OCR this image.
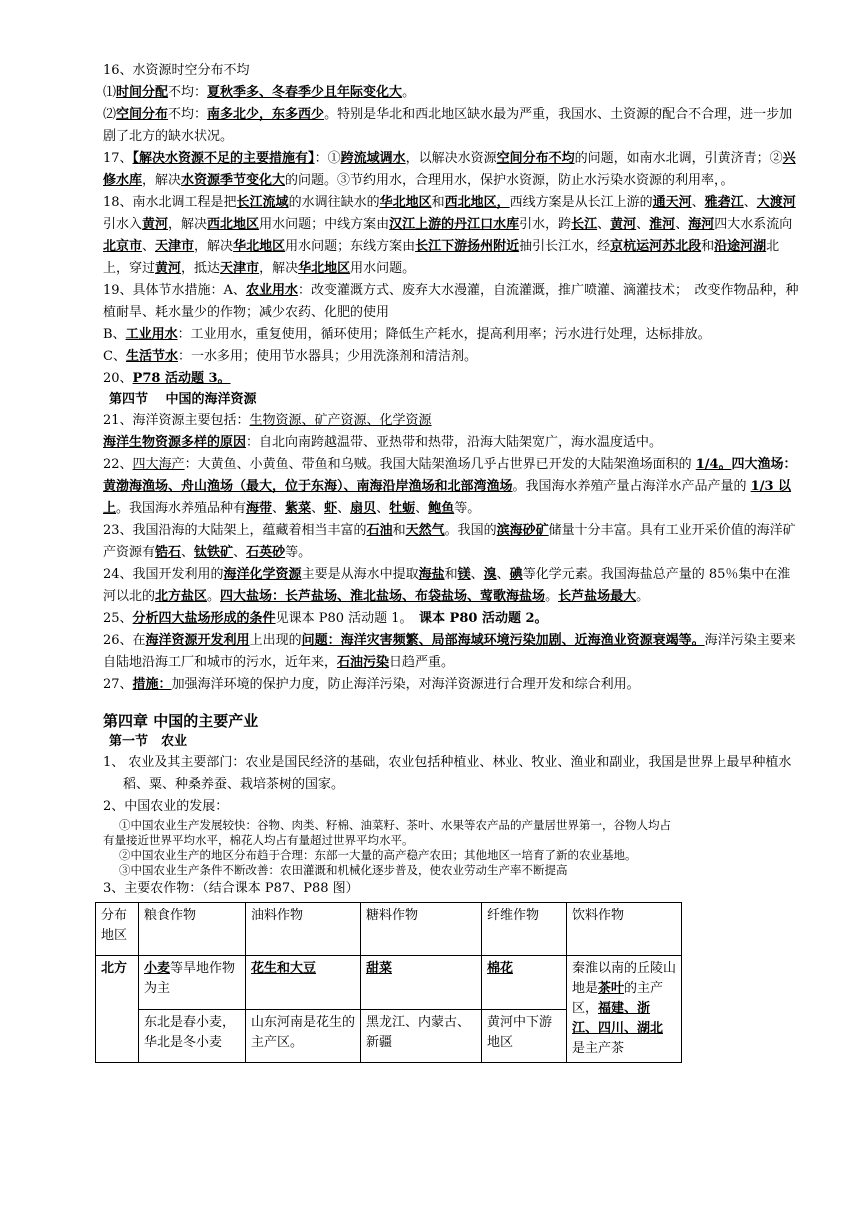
16、水资源时空分布不均

⑴时间分配不均：夏秋季多、冬春季少且年际变化大。

⑵空间分布不均：南多北少，东多西少。特别是华北和西北地区缺水最为严重，我国水、土资源的配合不合理，进一步加剧了北方的缺水状况。

17、【解决水资源不足的主要措施有】：①跨流域调水，以解决水资源空间分布不均的问题，如南水北调，引黄济青；②兴修水库，解决水资源季节变化大的问题。③节约用水，合理用水，保护水资源，防止水污染水资源的利用率，。

18、南水北调工程是把长江流域的水调往缺水的华北地区和西北地区，西线方案是从长江上游的通天河、雅砻江、大渡河引水入黄河，解决西北地区用水问题；中线方案由汉江上游的丹江口水库引水，跨长江、黄河、淮河、海河四大水系流向北京市、天津市，解决华北地区用水问题；东线方案由长江下游扬州附近抽引长江水，经京杭运河苏北段和沿途河湖北上，穿过黄河，抵达天津市，解决华北地区用水问题。

19、具体节水措施：A、农业用水：改变灌溉方式、废弃大水漫灌，自流灌溉，推广喷灌、滴灌技术；　改变作物品种，种植耐旱、耗水量少的作物；减少农药、化肥的使用

B、工业用水：工业用水，重复使用，循环使用；降低生产耗水，提高利用率；污水进行处理，达标排放。

C、生活节水：一水多用；使用节水器具；少用洗涤剂和清洁剂。

20、P78 活动题 3。

第四节　 中国的海洋资源

21、海洋资源主要包括：生物资源、矿产资源、化学资源

海洋生物资源多样的原因：自北向南跨越温带、亚热带和热带，沿海大陆架宽广，海水温度适中。

22、四大海产：大黄鱼、小黄鱼、带鱼和乌贼。我国大陆架渔场几乎占世界已开发的大陆架渔场面积的 1/4。四大渔场：黄渤海渔场、舟山渔场（最大，位于东海）、南海沿岸渔场和北部湾渔场。我国海水养殖产量占海洋水产品产量的 1/3 以上。我国海水养殖品种有海带、紫菜、虾、扇贝、牡蛎、鲍鱼等。

23、我国沿海的大陆架上，蕴藏着相当丰富的石油和天然气。我国的滨海砂矿储量十分丰富。具有工业开采价值的海洋矿产资源有锆石、钛铁矿、石英砂等。

24、我国开发利用的海洋化学资源主要是从海水中提取海盐和镁、溴、碘等化学元素。我国海盐总产量的 85％集中在淮河以北的北方盐区。四大盐场：长芦盐场、淮北盐场、布袋盐场、莺歌海盐场。长芦盐场最大。

25、分析四大盐场形成的条件见课本 P80 活动题 1。　课本 P80 活动题 2。

26、在海洋资源开发利用上出现的问题：海洋灾害频繁、局部海域环境污染加剧、近海渔业资源衰竭等。海洋污染主要来自陆地沿海工厂和城市的污水，近年来，石油污染日趋严重。

27、措施：加强海洋环境的保护力度，防止海洋污染，对海洋资源进行合理开发和综合利用。

第四章 中国的主要产业

第一节　农业

1、 农业及其主要部门：农业是国民经济的基础，农业包括种植业、林业、牧业、渔业和副业，我国是世界上最早种植水稻、粟、种桑养蚕、栽培茶树的国家。

2、中国农业的发展：

①中国农业生产发展较快：谷物、肉类、籽棉、油菜籽、茶叶、水果等农产品的产量居世界第一，谷物人均占

有量接近世界平均水平，棉花人均占有量超过世界平均水平。

②中国农业生产的地区分布趋于合理：东部一大量的高产稳产农田；其他地区一培育了新的农业基地。

③中国农业生产条件不断改善：农田灌溉和机械化逐步普及，使农业劳动生产率不断提高

3、主要农作物：（结合课本 P87、P88 图）

分布地区	粮食作物	油料作物	糖料作物	纤维作物	饮料作物
北方	小麦等旱地作物为主	花生和大豆	甜菜	棉花	秦淮以南的丘陵山地是茶叶的主产区，福建、浙江、四川、湖北是主产茶
	东北是春小麦，华北是冬小麦	山东河南是花生的主产区。	黑龙江、内蒙古、新疆	黄河中下游地区	
